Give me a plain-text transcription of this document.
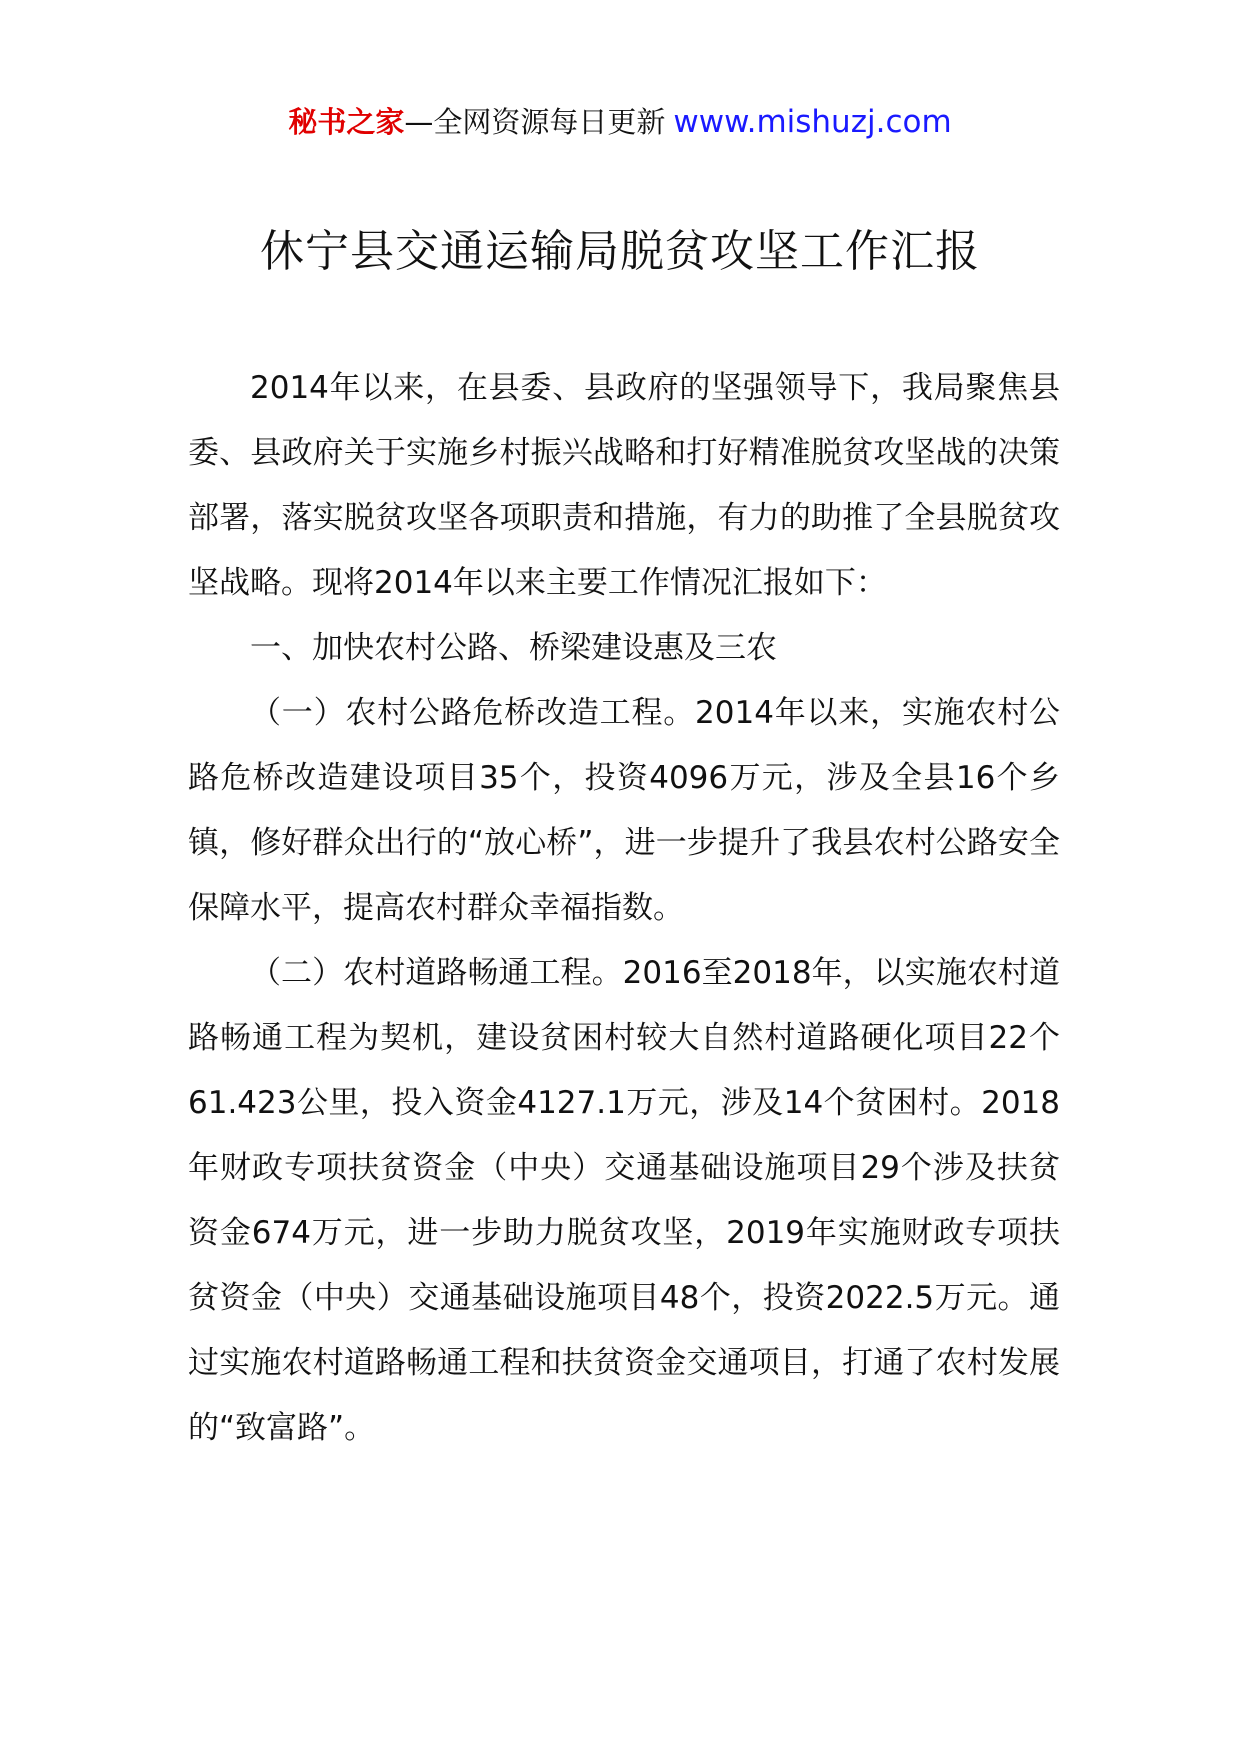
秘书之家—全网资源每日更新 www.mishuzj.com
休宁县交通运输局脱贫攻坚工作汇报

2014年以来，在县委、县政府的坚强领导下，我局聚焦县委、县政府关于实施乡村振兴战略和打好精准脱贫攻坚战的决策部署，落实脱贫攻坚各项职责和措施，有力的助推了全县脱贫攻坚战略。现将2014年以来主要工作情况汇报如下：

一、加快农村公路、桥梁建设惠及三农

（一）农村公路危桥改造工程。2014年以来，实施农村公路危桥改造建设项目35个，投资4096万元，涉及全县16个乡镇，修好群众出行的“放心桥”，进一步提升了我县农村公路安全保障水平，提高农村群众幸福指数。

（二）农村道路畅通工程。2016至2018年，以实施农村道路畅通工程为契机，建设贫困村较大自然村道路硬化项目22个61.423公里，投入资金4127.1万元，涉及14个贫困村。2018年财政专项扶贫资金（中央）交通基础设施项目29个涉及扶贫资金674万元，进一步助力脱贫攻坚，2019年实施财政专项扶贫资金（中央）交通基础设施项目48个，投资2022.5万元。通过实施农村道路畅通工程和扶贫资金交通项目，打通了农村发展的“致富路”。
